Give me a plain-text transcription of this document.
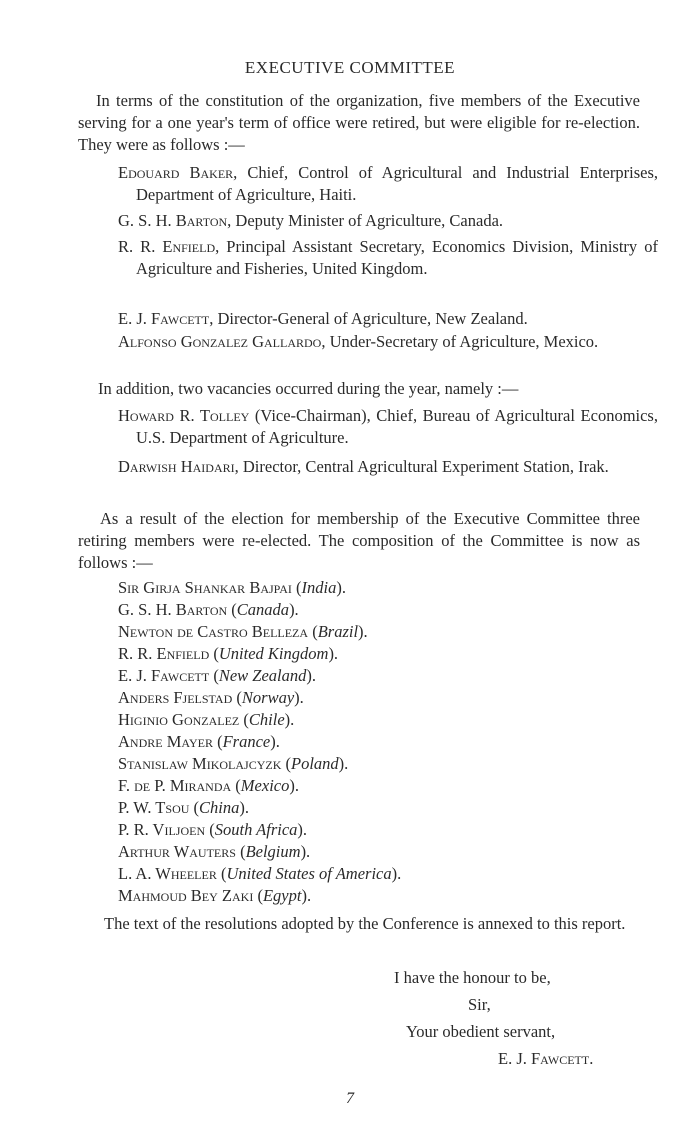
EXECUTIVE COMMITTEE

In terms of the constitution of the organization, five members of the Executive serving for a one year's term of office were retired, but were eligible for re-election. They were as follows :—

Edouard Baker, Chief, Control of Agricultural and Industrial Enterprises, Department of Agriculture, Haiti.
G. S. H. Barton, Deputy Minister of Agriculture, Canada.
R. R. Enfield, Principal Assistant Secretary, Economics Division, Ministry of Agriculture and Fisheries, United Kingdom.
E. J. Fawcett, Director-General of Agriculture, New Zealand.
Alfonso Gonzalez Gallardo, Under-Secretary of Agriculture, Mexico.

In addition, two vacancies occurred during the year, namely :—

Howard R. Tolley (Vice-Chairman), Chief, Bureau of Agricultural Economics, U.S. Department of Agriculture.
Darwish Haidari, Director, Central Agricultural Experiment Station, Irak.

As a result of the election for membership of the Executive Committee three retiring members were re-elected. The composition of the Committee is now as follows :—

Sir Girja Shankar Bajpai (India).
G. S. H. Barton (Canada).
Newton de Castro Belleza (Brazil).
R. R. Enfield (United Kingdom).
E. J. Fawcett (New Zealand).
Anders Fjelstad (Norway).
Higinio Gonzalez (Chile).
Andre Mayer (France).
Stanislaw Mikolajcyzk (Poland).
F. de P. Miranda (Mexico).
P. W. Tsou (China).
P. R. Viljoen (South Africa).
Arthur Wauters (Belgium).
L. A. Wheeler (United States of America).
Mahmoud Bey Zaki (Egypt).

The text of the resolutions adopted by the Conference is annexed to this report.

I have the honour to be,
Sir,
Your obedient servant,
E. J. Fawcett.
7
